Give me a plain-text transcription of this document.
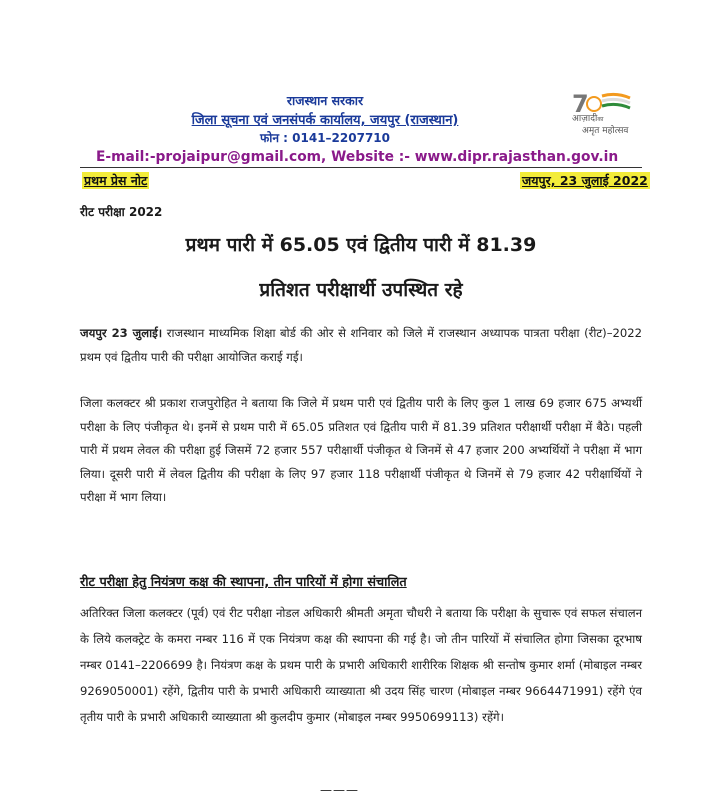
राजस्थान सरकार
जिला सूचना एवं जनसंपर्क कार्यालय, जयपुर (राजस्थान)
फोन : 0141–2207710
7
आज़ादीका
अमृत महोत्सव
E-mail:-projaipur@gmail.com, Website :- www.dipr.rajasthan.gov.in
प्रथम प्रेस नोट	जयपुर, 23 जुलाई 2022
रीट परीक्षा 2022
प्रथम पारी में 65.05 एवं द्वितीय पारी में 81.39
प्रतिशत परीक्षार्थी उपस्थित रहे
जयपुर 23 जुलाई। राजस्थान माध्यमिक शिक्षा बोर्ड की ओर से शनिवार को जिले में राजस्थान अध्यापक पात्रता परीक्षा (रीट)–2022 प्रथम एवं द्वितीय पारी की परीक्षा आयोजित कराई गई।
जिला कलक्टर श्री प्रकाश राजपुरोहित ने बताया कि जिले में प्रथम पारी एवं द्वितीय पारी के लिए कुल 1 लाख 69 हजार 675 अभ्यर्थी परीक्षा के लिए पंजीकृत थे। इनमें से प्रथम पारी में 65.05 प्रतिशत एवं द्वितीय पारी में 81.39 प्रतिशत परीक्षार्थी परीक्षा में बैठे। पहली पारी में प्रथम लेवल की परीक्षा हुई जिसमें 72 हजार 557 परीक्षार्थी पंजीकृत थे जिनमें से 47 हजार 200 अभ्यर्थियों ने परीक्षा में भाग लिया। दूसरी पारी में लेवल द्वितीय की परीक्षा के लिए 97 हजार 118 परीक्षार्थी पंजीकृत थे जिनमें से 79 हजार 42 परीक्षार्थियों ने परीक्षा में भाग लिया।
रीट परीक्षा हेतु नियंत्रण कक्ष की स्थापना, तीन पारियों में होगा संचालित
अतिरिक्त जिला कलक्टर (पूर्व) एवं रीट परीक्षा नोडल अधिकारी श्रीमती अमृता चौधरी ने बताया कि परीक्षा के सुचारू एवं सफल संचालन के लिये कलक्ट्रेट के कमरा नम्बर 116 में एक नियंत्रण कक्ष की स्थापना की गई है। जो तीन पारियों में संचालित होगा जिसका दूरभाष नम्बर 0141–2206699 है। नियंत्रण कक्ष के प्रथम पारी के प्रभारी अधिकारी शारीरिक शिक्षक श्री सन्तोष कुमार शर्मा (मोबाइल नम्बर 9269050001) रहेंगे, द्वितीय पारी के प्रभारी अधिकारी व्याख्याता श्री उदय सिंह चारण (मोबाइल नम्बर 9664471991) रहेंगे एंव तृतीय पारी के प्रभारी अधिकारी व्याख्याता श्री कुलदीप कुमार (मोबाइल नम्बर 9950699113) रहेंगे।
———
